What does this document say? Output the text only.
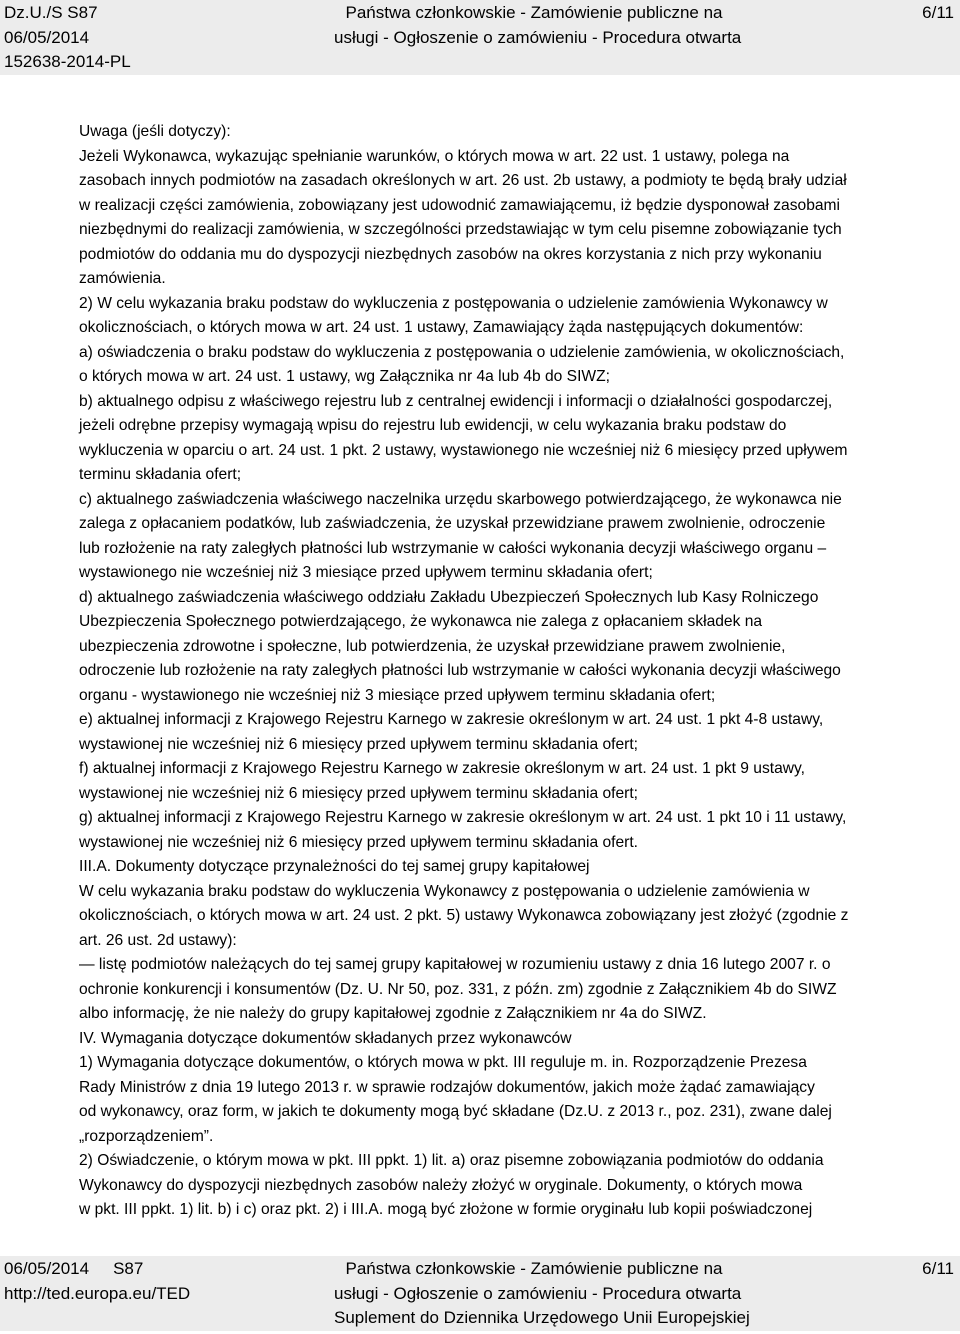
Dz.U./S S87
06/05/2014
152638-2014-PL
Państwa członkowskie - Zamówienie publiczne na
usługi - Ogłoszenie o zamówieniu - Procedura otwarta
6/11

Uwaga (jeśli dotyczy):

Jeżeli Wykonawca, wykazując spełnianie warunków, o których mowa w art. 22 ust. 1 ustawy, polega na

zasobach innych podmiotów na zasadach określonych w art. 26 ust. 2b ustawy, a podmioty te będą brały udział

w realizacji części zamówienia, zobowiązany jest udowodnić zamawiającemu, iż będzie dysponował zasobami

niezbędnymi do realizacji zamówienia, w szczególności przedstawiając w tym celu pisemne zobowiązanie tych

podmiotów do oddania mu do dyspozycji niezbędnych zasobów na okres korzystania z nich przy wykonaniu

zamówienia.

2) W celu wykazania braku podstaw do wykluczenia z postępowania o udzielenie zamówienia Wykonawcy w

okolicznościach, o których mowa w art. 24 ust. 1 ustawy, Zamawiający żąda następujących dokumentów:

a) oświadczenia o braku podstaw do wykluczenia z postępowania o udzielenie zamówienia, w okolicznościach,

o których mowa w art. 24 ust. 1 ustawy, wg Załącznika nr 4a lub 4b do SIWZ;

b) aktualnego odpisu z właściwego rejestru lub z centralnej ewidencji i informacji o działalności gospodarczej,

jeżeli odrębne przepisy wymagają wpisu do rejestru lub ewidencji, w celu wykazania braku podstaw do

wykluczenia w oparciu o art. 24 ust. 1 pkt. 2 ustawy, wystawionego nie wcześniej niż 6 miesięcy przed upływem

terminu składania ofert;

c) aktualnego zaświadczenia właściwego naczelnika urzędu skarbowego potwierdzającego, że wykonawca nie

zalega z opłacaniem podatków, lub zaświadczenia, że uzyskał przewidziane prawem zwolnienie, odroczenie

lub rozłożenie na raty zaległych płatności lub wstrzymanie w całości wykonania decyzji właściwego organu –

wystawionego nie wcześniej niż 3 miesiące przed upływem terminu składania ofert;

d) aktualnego zaświadczenia właściwego oddziału Zakładu Ubezpieczeń Społecznych lub Kasy Rolniczego

Ubezpieczenia Społecznego potwierdzającego, że wykonawca nie zalega z opłacaniem składek na

ubezpieczenia zdrowotne i społeczne, lub potwierdzenia, że uzyskał przewidziane prawem zwolnienie,

odroczenie lub rozłożenie na raty zaległych płatności lub wstrzymanie w całości wykonania decyzji właściwego

organu - wystawionego nie wcześniej niż 3 miesiące przed upływem terminu składania ofert;

e) aktualnej informacji z Krajowego Rejestru Karnego w zakresie określonym w art. 24 ust. 1 pkt 4-8 ustawy,

wystawionej nie wcześniej niż 6 miesięcy przed upływem terminu składania ofert;

f) aktualnej informacji z Krajowego Rejestru Karnego w zakresie określonym w art. 24 ust. 1 pkt 9 ustawy,

wystawionej nie wcześniej niż 6 miesięcy przed upływem terminu składania ofert;

g) aktualnej informacji z Krajowego Rejestru Karnego w zakresie określonym w art. 24 ust. 1 pkt 10 i 11 ustawy,

wystawionej nie wcześniej niż 6 miesięcy przed upływem terminu składania ofert.

III.A. Dokumenty dotyczące przynależności do tej samej grupy kapitałowej

W celu wykazania braku podstaw do wykluczenia Wykonawcy z postępowania o udzielenie zamówienia w

okolicznościach, o których mowa w art. 24 ust. 2 pkt. 5) ustawy Wykonawca zobowiązany jest złożyć (zgodnie z

art. 26 ust. 2d ustawy):

— listę podmiotów należących do tej samej grupy kapitałowej w rozumieniu ustawy z dnia 16 lutego 2007 r. o

ochronie konkurencji i konsumentów (Dz. U. Nr 50, poz. 331, z późn. zm) zgodnie z Załącznikiem 4b do SIWZ

albo informację, że nie należy do grupy kapitałowej zgodnie z Załącznikiem nr 4a do SIWZ.

IV. Wymagania dotyczące dokumentów składanych przez wykonawców

1) Wymagania dotyczące dokumentów, o których mowa w pkt. III reguluje m. in. Rozporządzenie Prezesa

Rady Ministrów z dnia 19 lutego 2013 r. w sprawie rodzajów dokumentów, jakich może żądać zamawiający

od wykonawcy, oraz form, w jakich te dokumenty mogą być składane (Dz.U. z 2013 r., poz. 231), zwane dalej

„rozporządzeniem”.

2) Oświadczenie, o którym mowa w pkt. III ppkt. 1) lit. a) oraz pisemne zobowiązania podmiotów do oddania

Wykonawcy do dyspozycji niezbędnych zasobów należy złożyć w oryginale. Dokumenty, o których mowa

w pkt. III ppkt. 1) lit. b) i c) oraz pkt. 2) i III.A. mogą być złożone w formie oryginału lub kopii poświadczonej

06/05/2014 S87
http://ted.europa.eu/TED
Państwa członkowskie - Zamówienie publiczne na
usługi - Ogłoszenie o zamówieniu - Procedura otwarta
Suplement do Dziennika Urzędowego Unii Europejskiej
6/11
